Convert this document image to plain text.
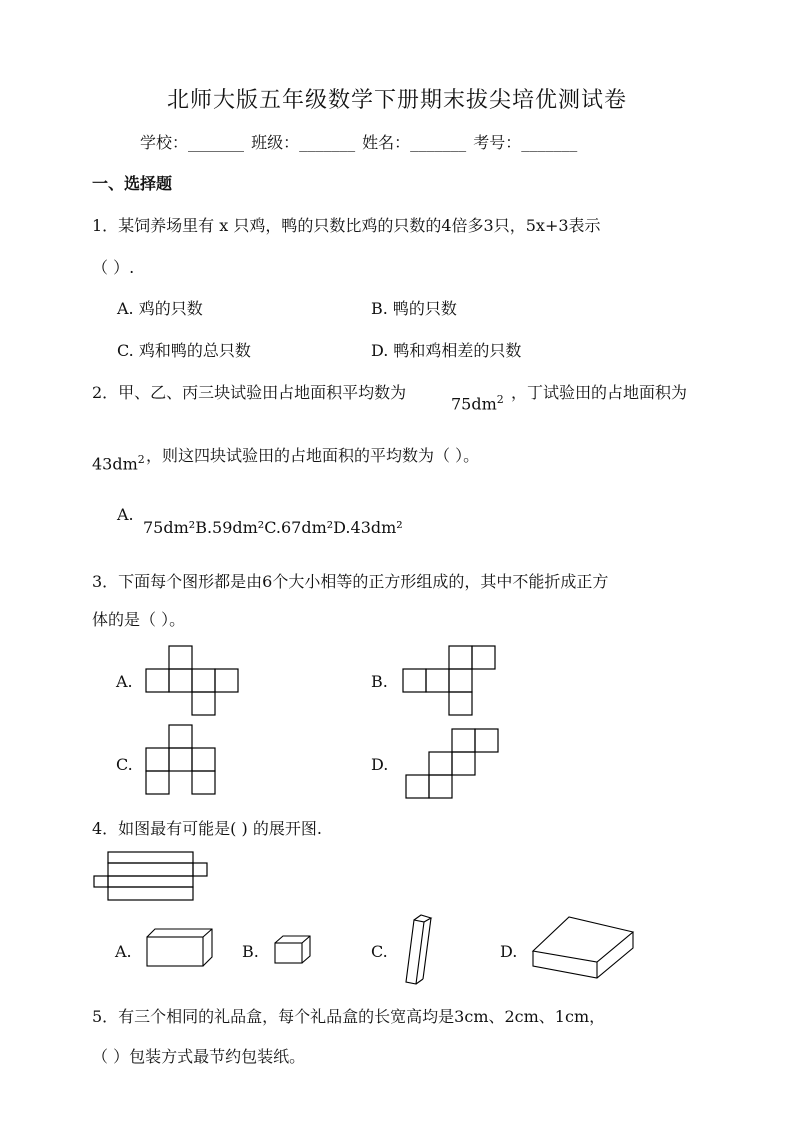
北师大版五年级数学下册期末拔尖培优测试卷
学校：_______ 班级：_______ 姓名：_______ 考号：_______
一、选择题
1．某饲养场里有 x 只鸡，鸭的只数比鸡的只数的4倍多3只，5x+3表示
（ ）.
A. 鸡的只数	B. 鸭的只数
C. 鸡和鸭的总只数	D. 鸭和鸡相差的只数
2．甲、乙、丙三块试验田占地面积平均数为
$75dm^2$ ，丁试验田的占地面积为
$43dm^2$ ，则这四块试验田的占地面积的平均数为（ ）。
A.
75dm²B.59dm²C.67dm²D.43dm²
3．下面每个图形都是由6个大小相等的正方形组成的，其中不能折成正方
体的是（ ）。
A.	B.
C.	D.
4．如图最有可能是( ) 的展开图.
A.	B.	C.	D.
5．有三个相同的礼品盒，每个礼品盒的长宽高均是3cm、2cm、1cm，
（ ）包装方式最节约包装纸。
